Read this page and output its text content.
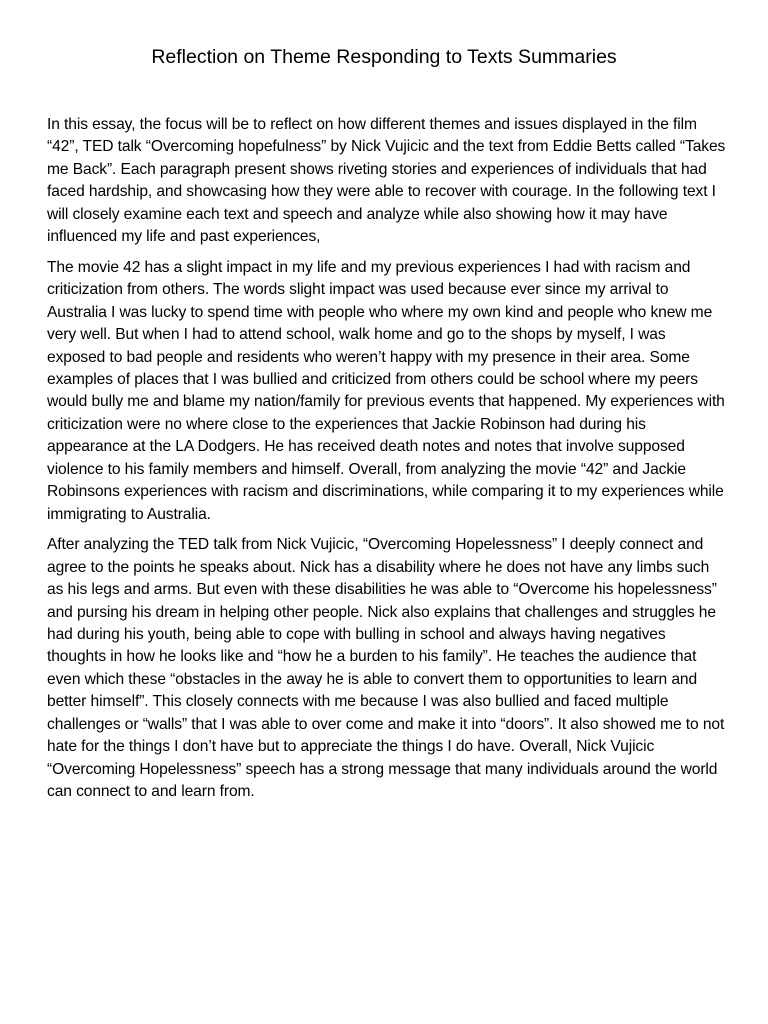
Reflection on Theme Responding to Texts Summaries

In this essay, the focus will be to reflect on how different themes and issues displayed in the film “42”, TED talk “Overcoming hopefulness” by Nick Vujicic and the text from Eddie Betts called “Takes me Back”. Each paragraph present shows riveting stories and experiences of individuals that had faced hardship, and showcasing how they were able to recover with courage. In the following text I will closely examine each text and speech and analyze while also showing how it may have influenced my life and past experiences,

The movie 42 has a slight impact in my life and my previous experiences I had with racism and criticization from others. The words slight impact was used because ever since my arrival to Australia I was lucky to spend time with people who where my own kind and people who knew me very well. But when I had to attend school, walk home and go to the shops by myself, I was exposed to bad people and residents who weren’t happy with my presence in their area. Some examples of places that I was bullied and criticized from others could be school where my peers would bully me and blame my nation/family for previous events that happened. My experiences with criticization were no where close to the experiences that Jackie Robinson had during his appearance at the LA Dodgers. He has received death notes and notes that involve supposed violence to his family members and himself. Overall, from analyzing the movie “42” and Jackie Robinsons experiences with racism and discriminations, while comparing it to my experiences while immigrating to Australia.

After analyzing the TED talk from Nick Vujicic, “Overcoming Hopelessness” I deeply connect and agree to the points he speaks about. Nick has a disability where he does not have any limbs such as his legs and arms. But even with these disabilities he was able to “Overcome his hopelessness” and pursing his dream in helping other people. Nick also explains that challenges and struggles he had during his youth, being able to cope with bulling in school and always having negatives thoughts in how he looks like and “how he a burden to his family”. He teaches the audience that even which these “obstacles in the away he is able to convert them to opportunities to learn and better himself”. This closely connects with me because I was also bullied and faced multiple challenges or “walls” that I was able to over come and make it into “doors”. It also showed me to not hate for the things I don’t have but to appreciate the things I do have. Overall, Nick Vujicic “Overcoming Hopelessness” speech has a strong message that many individuals around the world can connect to and learn from.
